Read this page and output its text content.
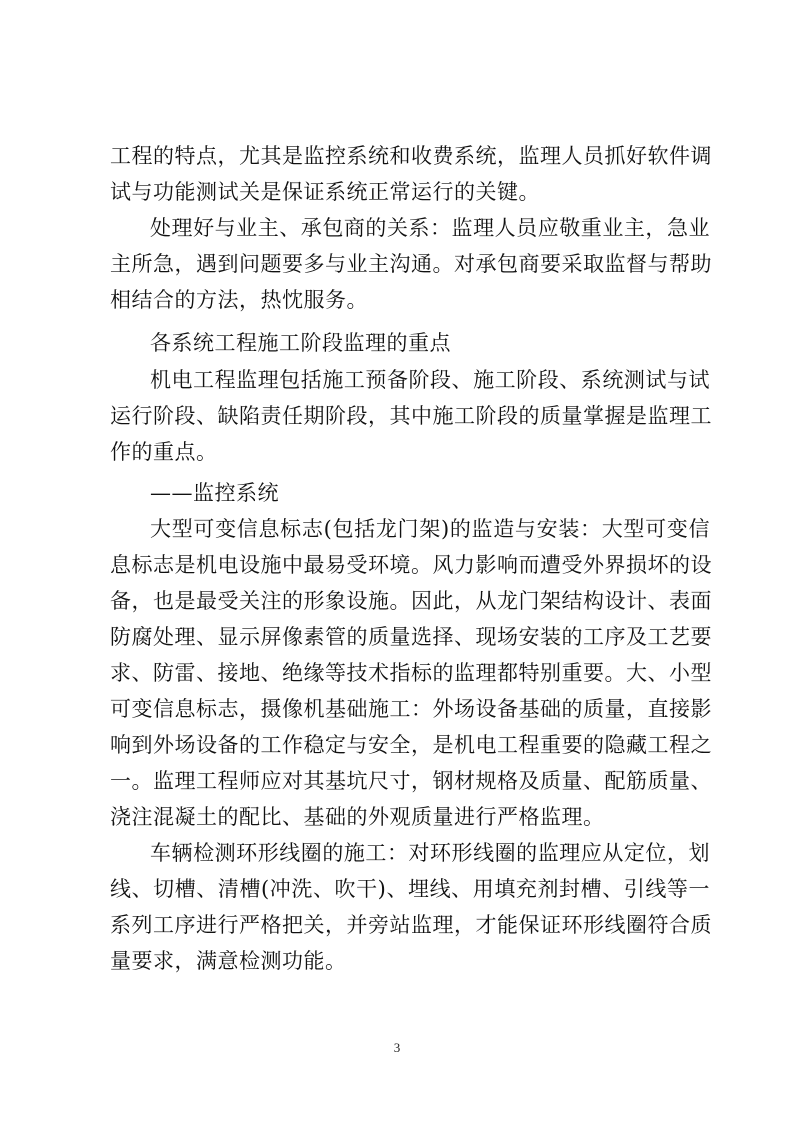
工程的特点，尤其是监控系统和收费系统，监理人员抓好软件调
试与功能测试关是保证系统正常运行的关键。
处理好与业主、承包商的关系：监理人员应敬重业主，急业
主所急，遇到问题要多与业主沟通。对承包商要采取监督与帮助
相结合的方法，热忱服务。
各系统工程施工阶段监理的重点
机电工程监理包括施工预备阶段、施工阶段、系统测试与试
运行阶段、缺陷责任期阶段，其中施工阶段的质量掌握是监理工
作的重点。
——监控系统
大型可变信息标志(包括龙门架)的监造与安装：大型可变信
息标志是机电设施中最易受环境。风力影响而遭受外界损坏的设
备，也是最受关注的形象设施。因此，从龙门架结构设计、表面
防腐处理、显示屏像素管的质量选择、现场安装的工序及工艺要
求、防雷、接地、绝缘等技术指标的监理都特别重要。大、小型
可变信息标志，摄像机基础施工：外场设备基础的质量，直接影
响到外场设备的工作稳定与安全，是机电工程重要的隐藏工程之
一。监理工程师应对其基坑尺寸，钢材规格及质量、配筋质量、
浇注混凝土的配比、基础的外观质量进行严格监理。
车辆检测环形线圈的施工：对环形线圈的监理应从定位，划
线、切槽、清槽(冲洗、吹干)、埋线、用填充剂封槽、引线等一
系列工序进行严格把关，并旁站监理，才能保证环形线圈符合质
量要求，满意检测功能。
3
